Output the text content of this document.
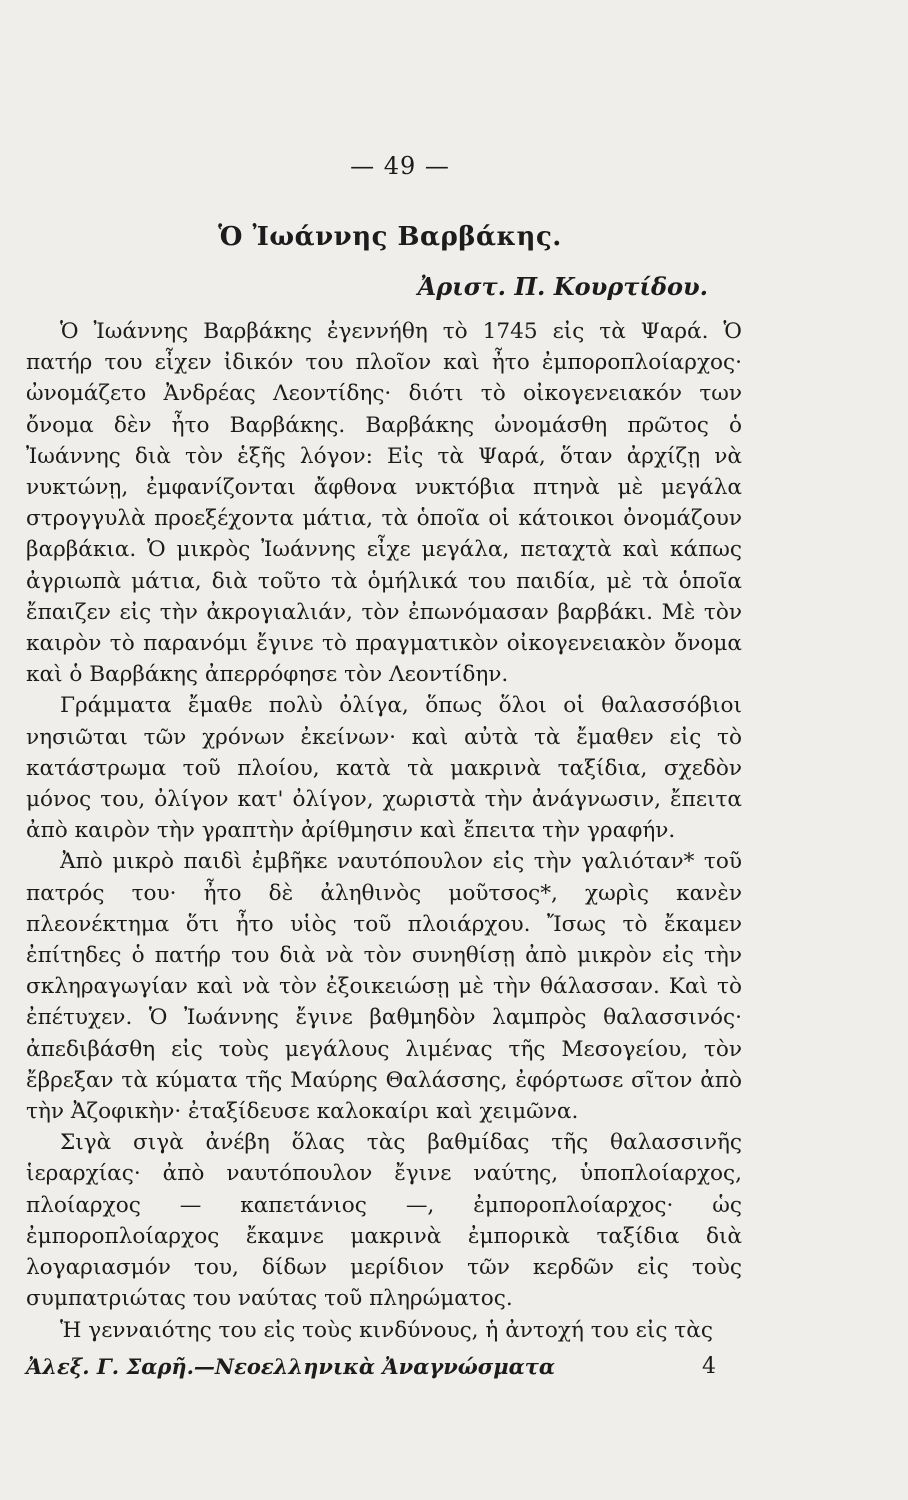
— 49 —
Ὁ Ἰωάννης Βαρβάκης.
Ἀριστ. Π. Κουρτίδου.

Ὁ Ἰωάννης Βαρβάκης ἐγεννήθη τὸ 1745 εἰς τὰ Ψαρά. Ὁ πατήρ του εἶχεν ἰδικόν του πλοῖον καὶ ἦτο ἐμποροπλοίαρχος· ὠνομάζετο Ἀνδρέας Λεοντίδης· διότι τὸ οἰκογενειακόν των ὄνομα δὲν ἦτο Βαρβάκης. Βαρβάκης ὠνομάσθη πρῶτος ὁ Ἰωάννης διὰ τὸν ἑξῆς λόγον: Εἰς τὰ Ψαρά, ὅταν ἀρχίζῃ νὰ νυκτώνῃ, ἐμφανίζονται ἄφθονα νυκτόβια πτηνὰ μὲ μεγάλα στρογγυλὰ προεξέχοντα μάτια, τὰ ὁποῖα οἱ κάτοικοι ὀνομάζουν βαρβάκια. Ὁ μικρὸς Ἰωάννης εἶχε μεγάλα, πεταχτὰ καὶ κάπως ἀγριωπὰ μάτια, διὰ τοῦτο τὰ ὁμήλικά του παιδία, μὲ τὰ ὁποῖα ἔπαιζεν εἰς τὴν ἀκρογιαλιάν, τὸν ἐπωνόμασαν βαρβάκι. Μὲ τὸν καιρὸν τὸ παρανόμι ἔγινε τὸ πραγματικὸν οἰκογενειακὸν ὄνομα καὶ ὁ Βαρβάκης ἀπερρόφησε τὸν Λεοντίδην.

Γράμματα ἔμαθε πολὺ ὀλίγα, ὅπως ὅλοι οἱ θαλασσόβιοι νησιῶται τῶν χρόνων ἐκείνων· καὶ αὐτὰ τὰ ἔμαθεν εἰς τὸ κατάστρωμα τοῦ πλοίου, κατὰ τὰ μακρινὰ ταξίδια, σχεδὸν μόνος του, ὀλίγον κατ' ὀλίγον, χωριστὰ τὴν ἀνάγνωσιν, ἔπειτα ἀπὸ καιρὸν τὴν γραπτὴν ἀρίθμησιν καὶ ἔπειτα τὴν γραφήν.

Ἀπὸ μικρὸ παιδὶ ἐμβῆκε ναυτόπουλον εἰς τὴν γαλιόταν* τοῦ πατρός του· ἦτο δὲ ἀληθινὸς μοῦτσος*, χωρὶς κανὲν πλεονέκτημα ὅτι ἦτο υἱὸς τοῦ πλοιάρχου. Ἴσως τὸ ἔκαμεν ἐπίτηδες ὁ πατήρ του διὰ νὰ τὸν συνηθίσῃ ἀπὸ μικρὸν εἰς τὴν σκληραγωγίαν καὶ νὰ τὸν ἐξοικειώσῃ μὲ τὴν θάλασσαν. Καὶ τὸ ἐπέτυχεν. Ὁ Ἰωάννης ἔγινε βαθμηδὸν λαμπρὸς θαλασσινός· ἀπεδιβάσθη εἰς τοὺς μεγάλους λιμένας τῆς Μεσογείου, τὸν ἔβρεξαν τὰ κύματα τῆς Μαύρης Θαλάσσης, ἐφόρτωσε σῖτον ἀπὸ τὴν Ἀζοφικὴν· ἐταξίδευσε καλοκαίρι καὶ χειμῶνα.

Σιγὰ σιγὰ ἀνέβη ὅλας τὰς βαθμίδας τῆς θαλασσινῆς ἱεραρχίας· ἀπὸ ναυτόπουλον ἔγινε ναύτης, ὑποπλοίαρχος, πλοίαρχος — καπετάνιος —, ἐμποροπλοίαρχος· ὡς ἐμποροπλοίαρχος ἔκαμνε μακρινὰ ἐμπορικὰ ταξίδια διὰ λογαριασμόν του, δίδων μερίδιον τῶν κερδῶν εἰς τοὺς συμπατριώτας του ναύτας τοῦ πληρώματος.

Ἡ γενναιότης του εἰς τοὺς κινδύνους, ἡ ἀντοχή του εἰς τὰς

Ἀλεξ. Γ. Σαρῆ.—Νεοελληνικὰ Ἀναγνώσματα	4
